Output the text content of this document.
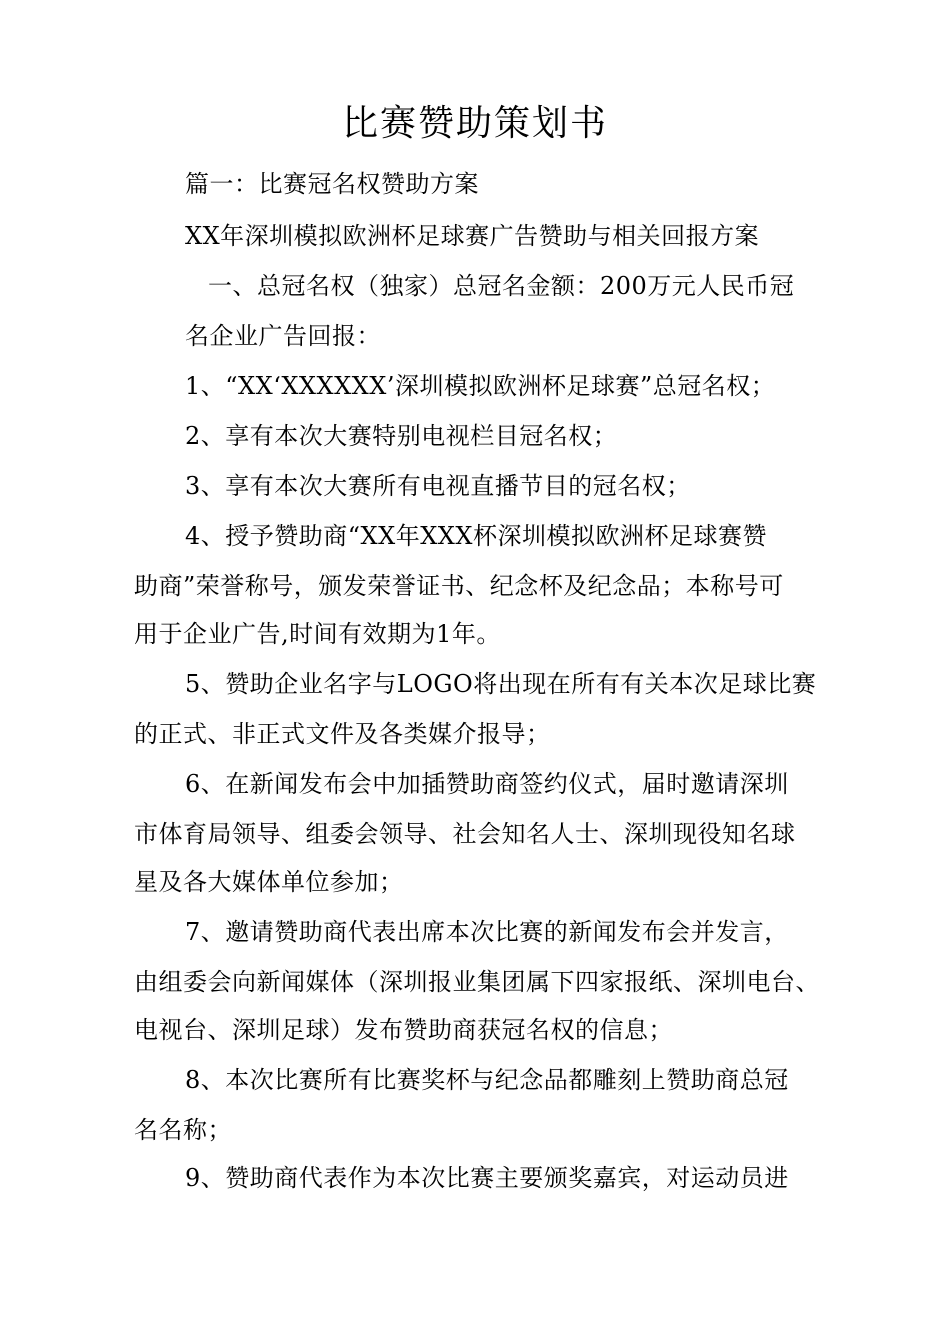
比赛赞助策划书
篇一：比赛冠名权赞助方案
XX年深圳模拟欧洲杯足球赛广告赞助与相关回报方案
一、总冠名权（独家）总冠名金额：200万元人民币冠
名企业广告回报：
1、“XX‘XXXXXX’深圳模拟欧洲杯足球赛”总冠名权；
2、享有本次大赛特别电视栏目冠名权；
3、享有本次大赛所有电视直播节目的冠名权；
4、授予赞助商“XX年XXX杯深圳模拟欧洲杯足球赛赞
助商”荣誉称号，颁发荣誉证书、纪念杯及纪念品；本称号可
用于企业广告,时间有效期为1年。
5、赞助企业名字与LOGO将出现在所有有关本次足球比赛
的正式、非正式文件及各类媒介报导；
6、在新闻发布会中加插赞助商签约仪式，届时邀请深圳
市体育局领导、组委会领导、社会知名人士、深圳现役知名球
星及各大媒体单位参加；
7、邀请赞助商代表出席本次比赛的新闻发布会并发言，
由组委会向新闻媒体（深圳报业集团属下四家报纸、深圳电台、
电视台、深圳足球）发布赞助商获冠名权的信息；
8、本次比赛所有比赛奖杯与纪念品都雕刻上赞助商总冠
名名称；
9、赞助商代表作为本次比赛主要颁奖嘉宾，对运动员进
